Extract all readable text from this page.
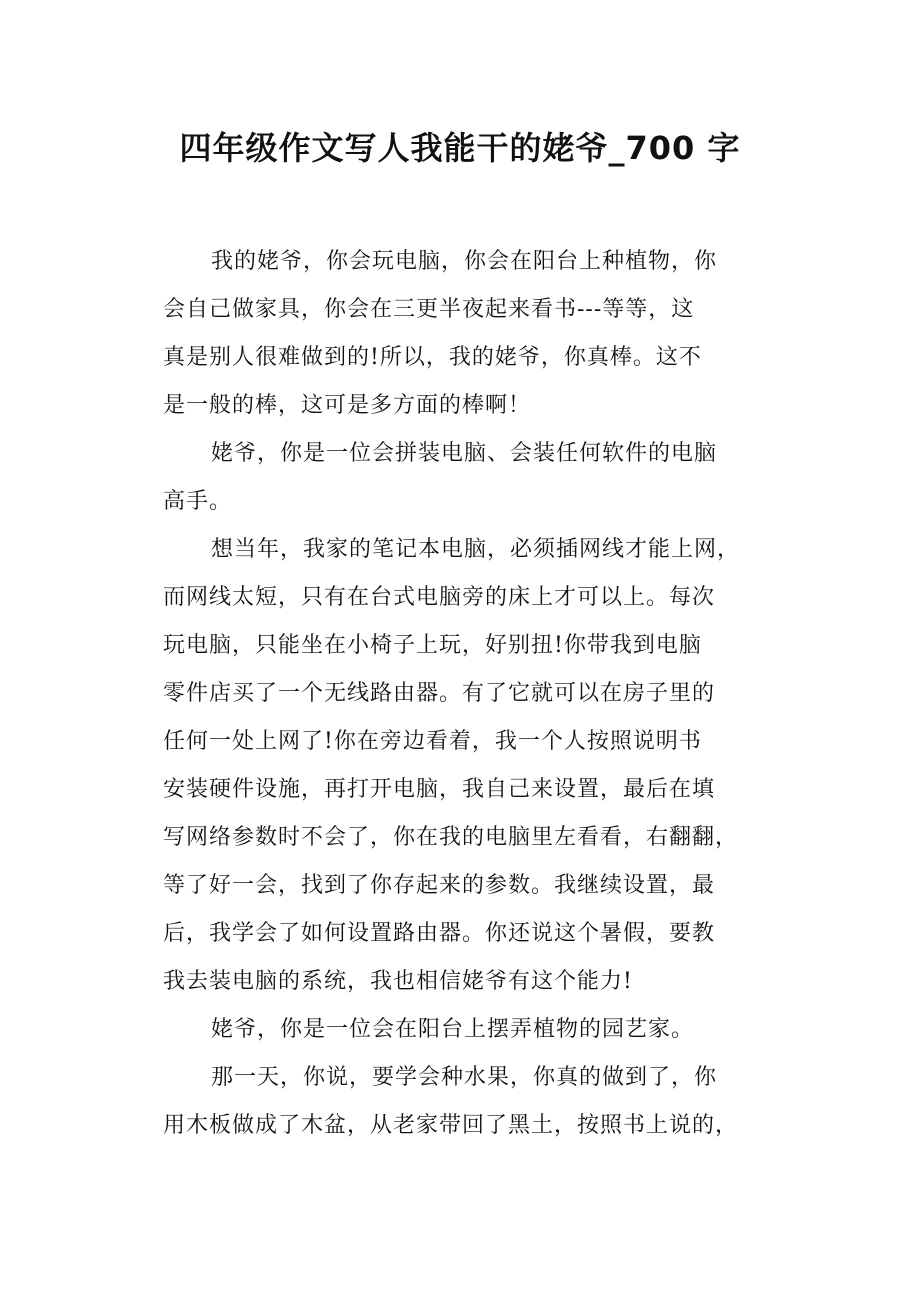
四年级作文写人我能干的姥爷_700 字
我的姥爷，你会玩电脑，你会在阳台上种植物，你
会自己做家具，你会在三更半夜起来看书---等等，这
真是别人很难做到的!所以，我的姥爷，你真棒。这不
是一般的棒，这可是多方面的棒啊！
姥爷，你是一位会拼装电脑、会装任何软件的电脑
高手。
想当年，我家的笔记本电脑，必须插网线才能上网，
而网线太短，只有在台式电脑旁的床上才可以上。每次
玩电脑，只能坐在小椅子上玩，好别扭!你带我到电脑
零件店买了一个无线路由器。有了它就可以在房子里的
任何一处上网了!你在旁边看着，我一个人按照说明书
安装硬件设施，再打开电脑，我自己来设置，最后在填
写网络参数时不会了，你在我的电脑里左看看，右翻翻，
等了好一会，找到了你存起来的参数。我继续设置，最
后，我学会了如何设置路由器。你还说这个暑假，要教
我去装电脑的系统，我也相信姥爷有这个能力!
姥爷，你是一位会在阳台上摆弄植物的园艺家。
那一天，你说，要学会种水果，你真的做到了，你
用木板做成了木盆，从老家带回了黑土，按照书上说的，
